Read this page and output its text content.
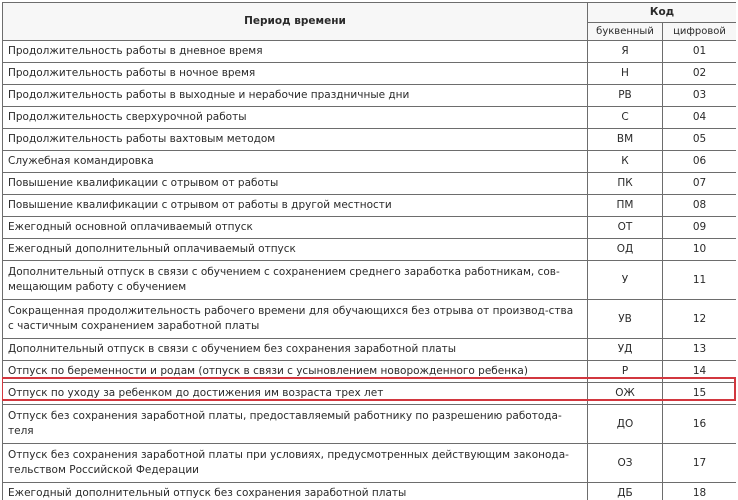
Период времени	Код	
	буквенный	цифровой
Продолжительность работы в дневное время	Я	01
Продолжительность работы в ночное время	Н	02
Продолжительность работы в выходные и нерабочие праздничные дни	РВ	03
Продолжительность сверхурочной работы	С	04
Продолжительность работы вахтовым методом	ВМ	05
Служебная командировка	К	06
Повышение квалификации с отрывом от работы	ПК	07
Повышение квалификации с отрывом от работы в другой местности	ПМ	08
Ежегодный основной оплачиваемый отпуск	ОТ	09
Ежегодный дополнительный оплачиваемый отпуск	ОД	10
Дополнительный отпуск в связи с обучением с сохранением среднего заработка работникам, сов-мещающим работу с обучением	У	11
Сокращенная продолжительность рабочего времени для обучающихся без отрыва от производ-ства с частичным сохранением заработной платы	УВ	12
Дополнительный отпуск в связи с обучением без сохранения заработной платы	УД	13
Отпуск по беременности и родам (отпуск в связи с усыновлением новорожденного ребенка)	Р	14
Отпуск по уходу за ребенком до достижения им возраста трех лет	ОЖ	15
Отпуск без сохранения заработной платы, предоставляемый работнику по разрешению работода-теля	ДО	16
Отпуск без сохранения заработной платы при условиях, предусмотренных действующим законода-тельством Российской Федерации	ОЗ	17
Ежегодный дополнительный отпуск без сохранения заработной платы	ДБ	18
